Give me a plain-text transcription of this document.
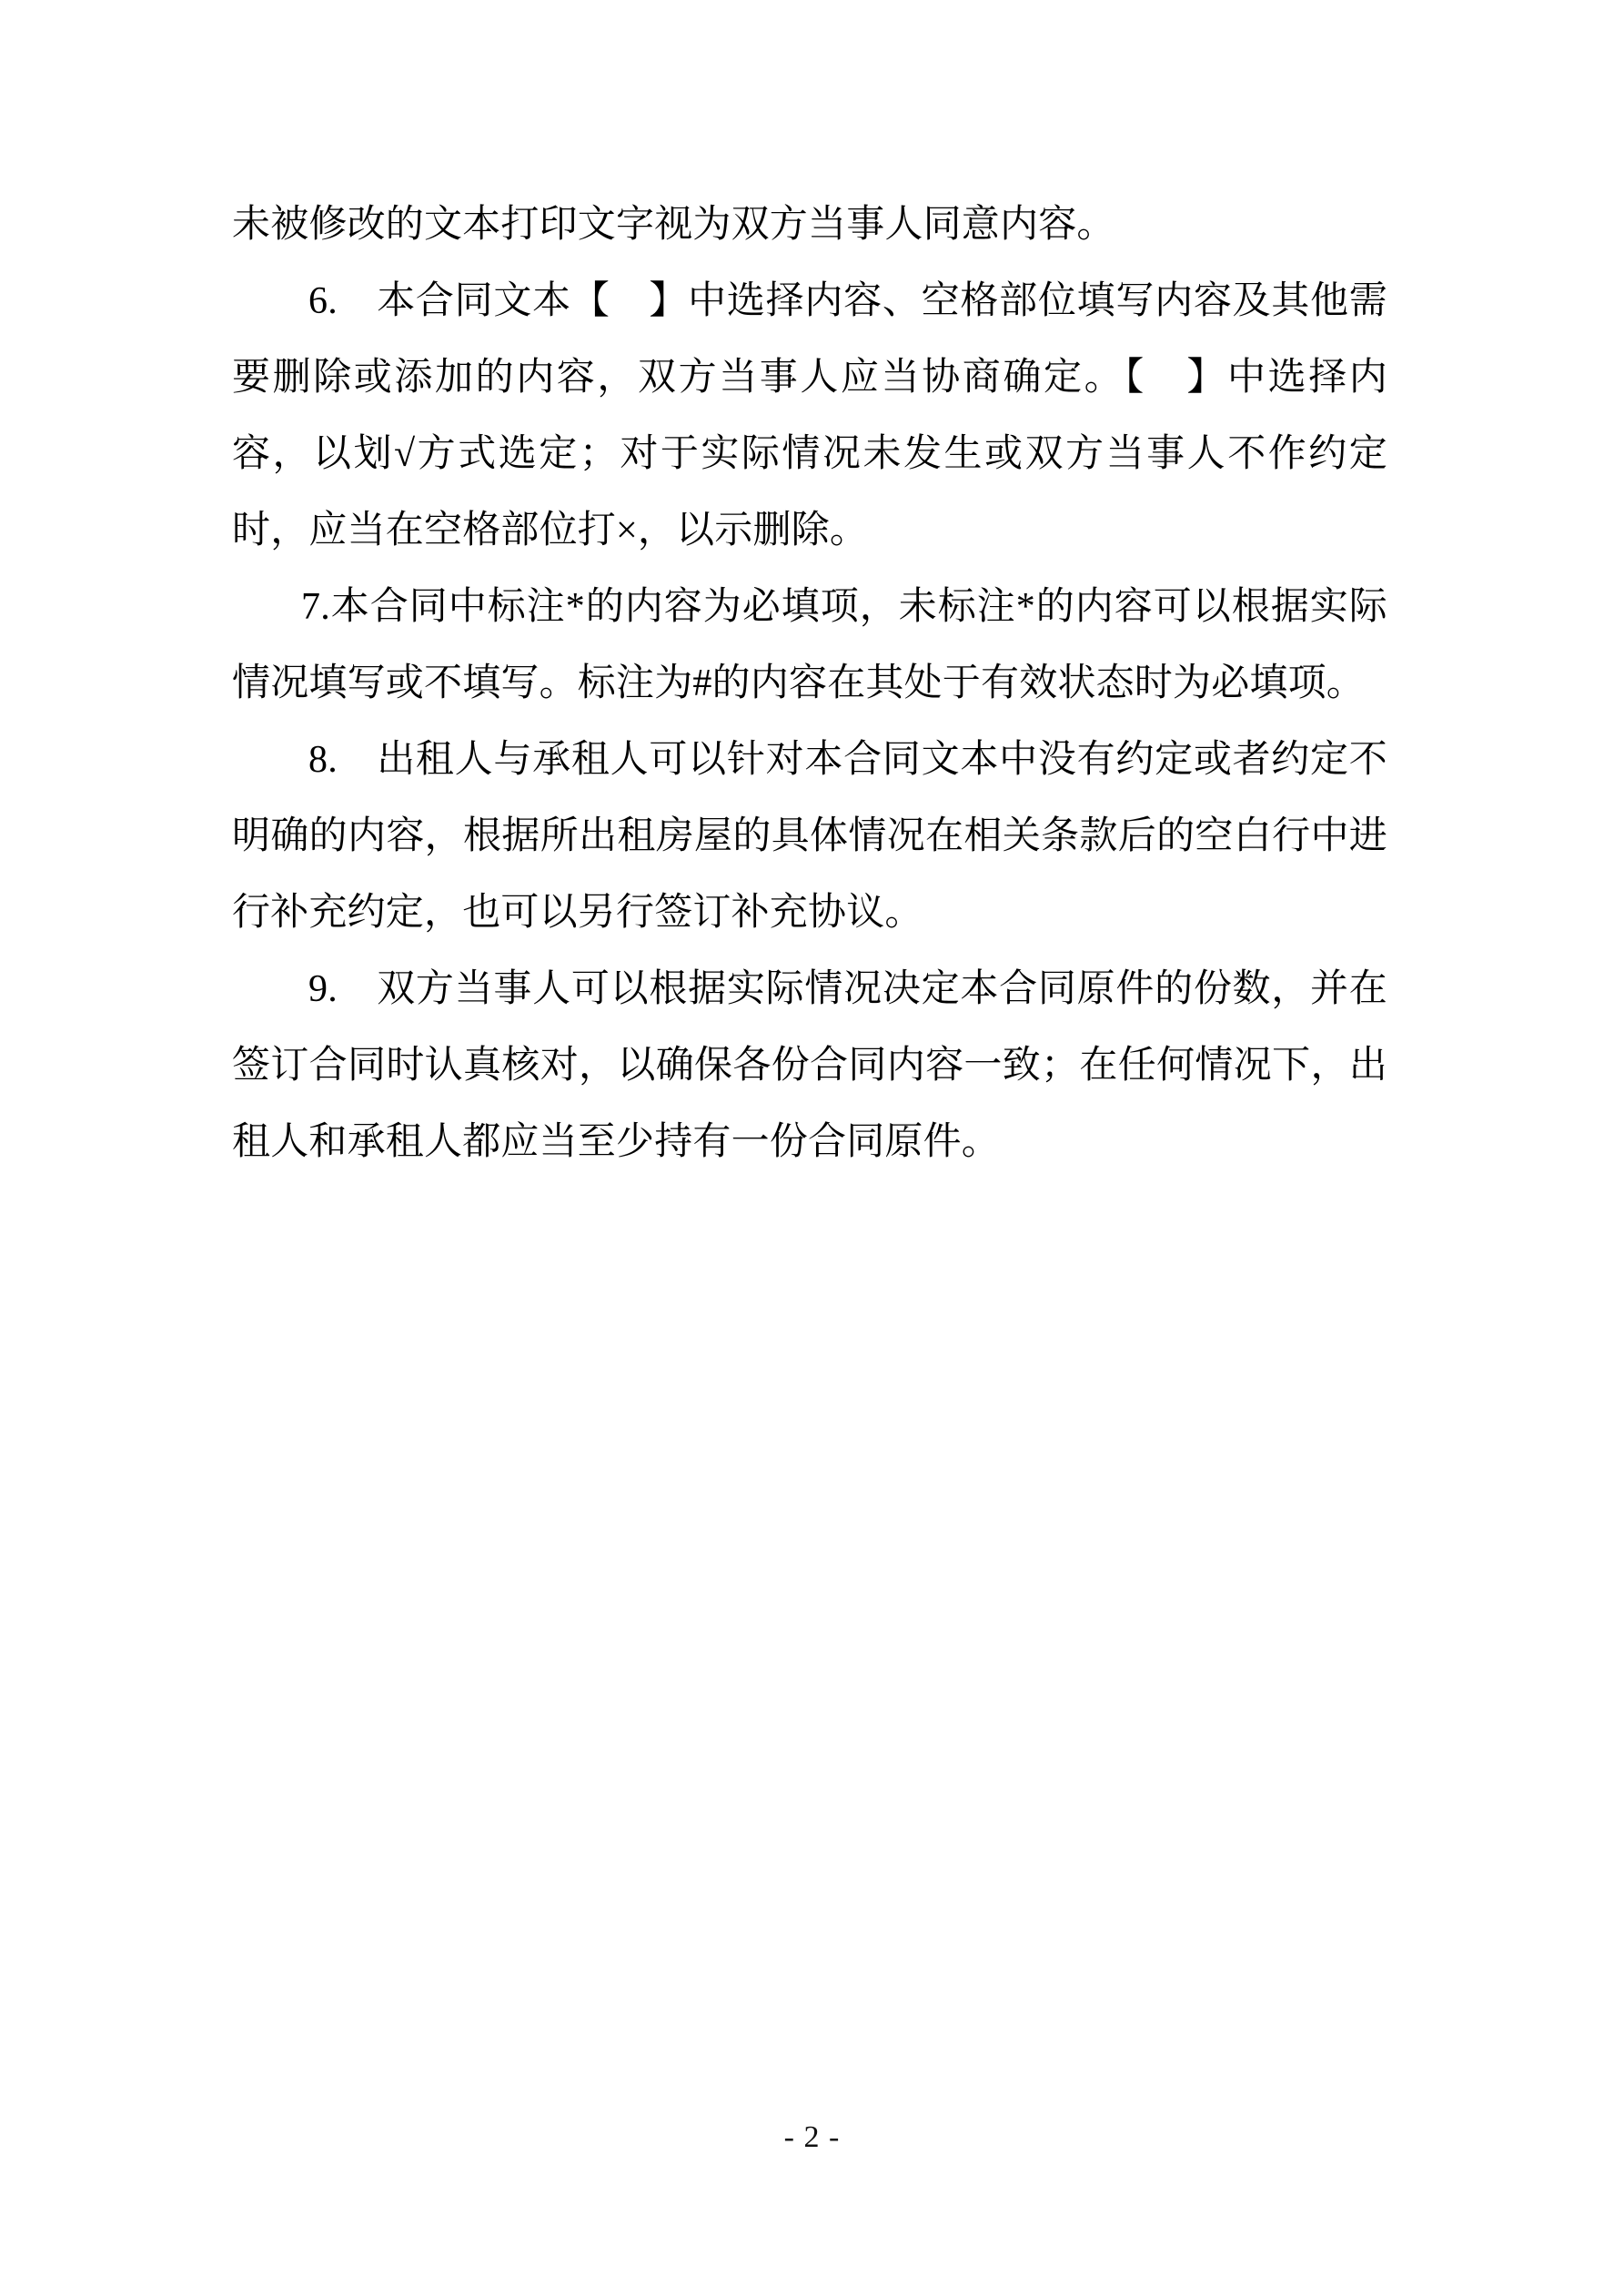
未被修改的文本打印文字视为双方当事人同意内容。

6.　本合同文本【　】中选择内容、空格部位填写内容及其他需要删除或添加的内容，双方当事人应当协商确定。【　】中选择内容，以划√方式选定；对于实际情况未发生或双方当事人不作约定时，应当在空格部位打×，以示删除。

7.本合同中标注*的内容为必填项，未标注*的内容可以根据实际情况填写或不填写。标注为#的内容在其处于有效状态时为必填项。

8.　出租人与承租人可以针对本合同文本中没有约定或者约定不明确的内容，根据所出租房屋的具体情况在相关条款后的空白行中进行补充约定，也可以另行签订补充协议。

9.　双方当事人可以根据实际情况决定本合同原件的份数，并在签订合同时认真核对，以确保各份合同内容一致；在任何情况下，出租人和承租人都应当至少持有一份合同原件。

- 2 -
